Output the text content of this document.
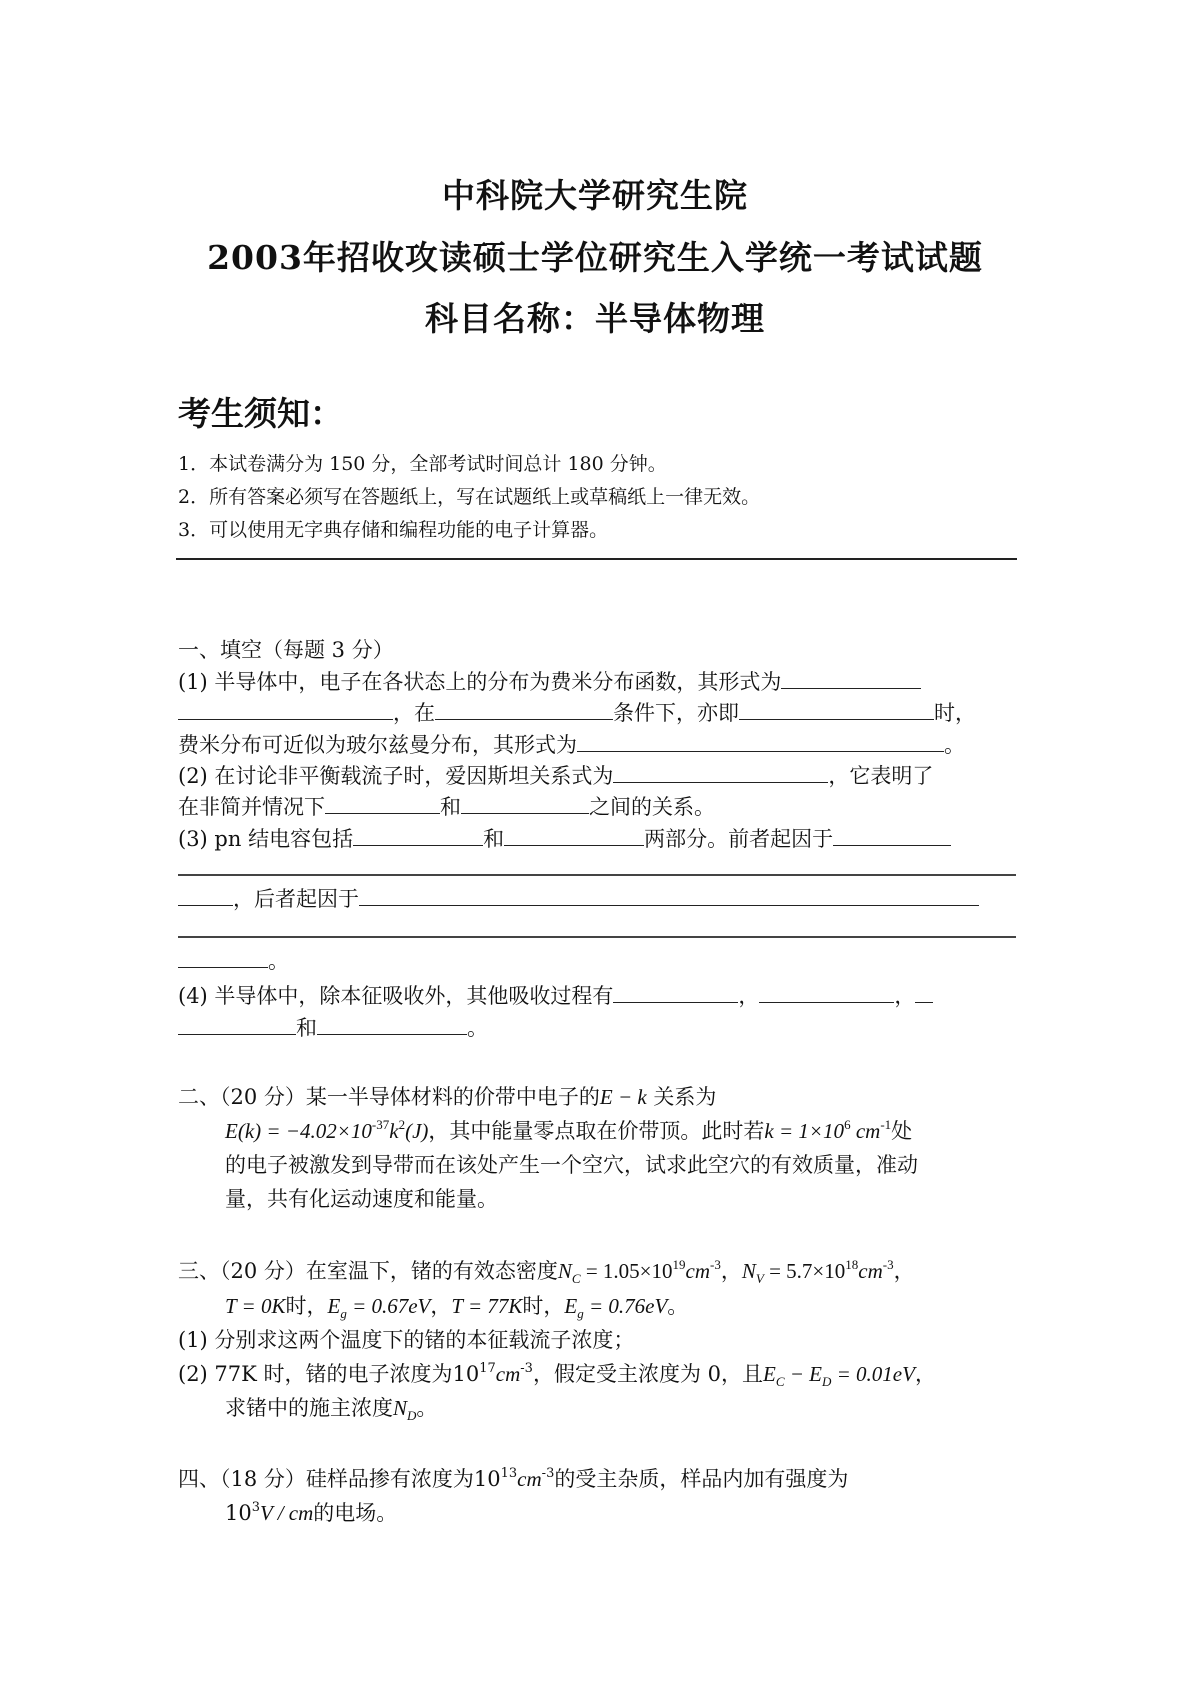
中科院大学研究生院
2003年招收攻读硕士学位研究生入学统一考试试题
科目名称：半导体物理
考生须知：
1．本试卷满分为 150 分，全部考试时间总计 180 分钟。
2．所有答案必须写在答题纸上，写在试题纸上或草稿纸上一律无效。
3．可以使用无字典存储和编程功能的电子计算器。
一、填空（每题 3 分）
(1) 半导体中，电子在各状态上的分布为费米分布函数，其形式为
，在	条件下，亦即	时，
费米分布可近似为玻尔兹曼分布，其形式为	。
(2) 在讨论非平衡载流子时，爱因斯坦关系式为	，它表明了
在非简并情况下	和	之间的关系。
(3) pn 结电容包括	和	两部分。前者起因于
，后者起因于
。
(4) 半导体中，除本征吸收外，其他吸收过程有	，	，
和	。
二、（20 分）某一半导体材料的价带中电子的E − k 关系为
$E(k) = -4.02\times 10^{-37}k^2(J)$，其中能量零点取在价带顶。此时若$k = 1\times 10^6$ $cm^{-1}$处
的电子被激发到导带而在该处产生一个空穴，试求此空穴的有效质量，准动
量，共有化运动速度和能量。
三、（20 分）在室温下，锗的有效态密度$N_C = 1.05\times 10^{19}cm^{-3}$，$N_V = 5.7\times 10^{18}cm^{-3}$，
T = 0K时，$E_g = 0.67eV$，T = 77K时，$E_g = 0.76eV$。
(1) 分别求这两个温度下的锗的本征载流子浓度；
(2) 77K 时，锗的电子浓度为$10^{17}cm^{-3}$，假定受主浓度为 0，且$E_C - E_D = 0.01eV$，
求锗中的施主浓度$N_D$。
四、（18 分）硅样品掺有浓度为$10^{13}cm^{-3}$的受主杂质，样品内加有强度为
$10^3V$ / cm的电场。
